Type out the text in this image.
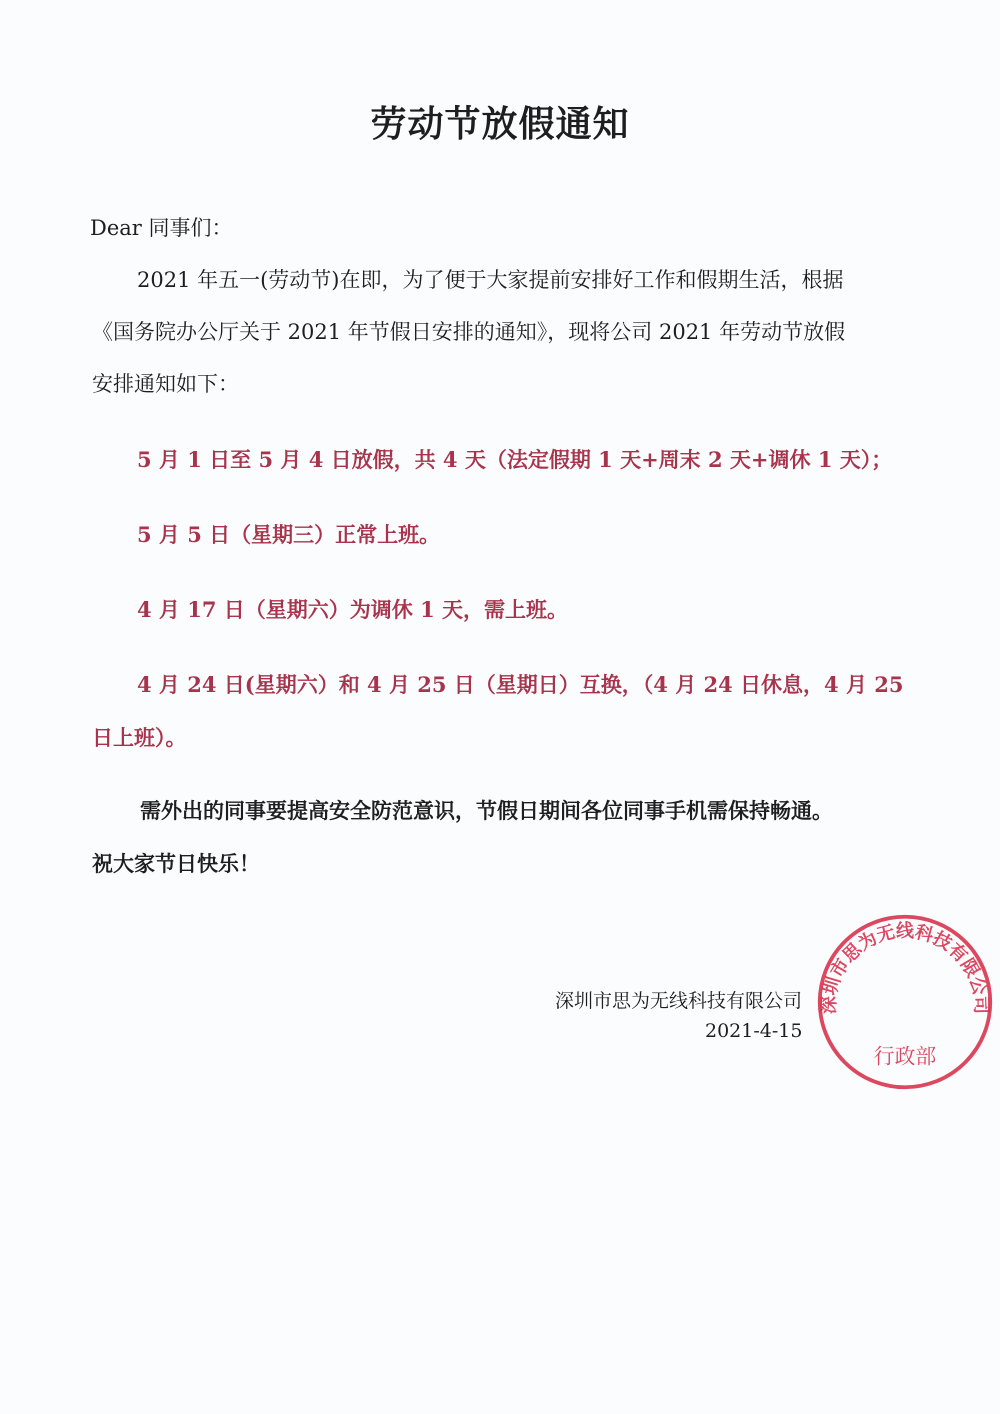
劳动节放假通知
Dear 同事们：
2021 年五一(劳动节)在即，为了便于大家提前安排好工作和假期生活，根据
《国务院办公厅关于 2021 年节假日安排的通知》，现将公司 2021 年劳动节放假
安排通知如下：
5 月 1 日至 5 月 4 日放假，共 4 天（法定假期 1 天+周末 2 天+调休 1 天）；
5 月 5 日（星期三）正常上班。
4 月 17 日（星期六）为调休 1 天，需上班。
4 月 24 日(星期六）和 4 月 25 日（星期日）互换，（4 月 24 日休息，4 月 25
日上班）。
需外出的同事要提高安全防范意识，节假日期间各位同事手机需保持畅通。
祝大家节日快乐！
深圳市思为无线科技有限公司
行政部
深圳市思为无线科技有限公司
2021-4-15
